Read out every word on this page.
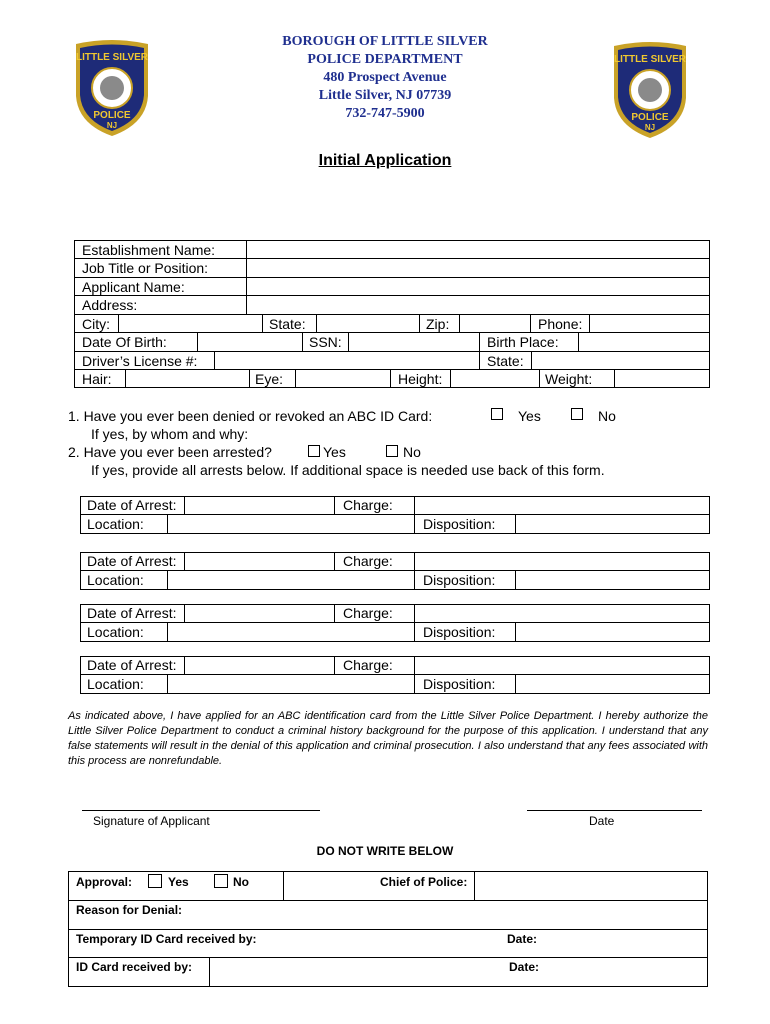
BOROUGH OF LITTLE SILVER
POLICE DEPARTMENT
480 Prospect Avenue
Little Silver, NJ 07739
732-747-5900
LITTLE SILVER
POLICE
NJ
LITTLE SILVER
POLICE
NJ
Initial Application
Establishment Name:
Job Title or Position:
Applicant Name:
Address:
City:	State:	Zip:	Phone:
Date Of Birth:	SSN:	Birth Place:
Driver’s License #:	State:
Hair:	Eye:	Height:	Weight:
1. Have you ever been denied or revoked an ABC ID Card:	Yes	No
If yes, by whom and why:
2. Have you ever been arrested?	Yes	No
If yes, provide all arrests below. If additional space is needed use back of this form.
Date of Arrest:	Charge:
Location:	Disposition:
Date of Arrest:	Charge:
Location:	Disposition:
Date of Arrest:	Charge:
Location:	Disposition:
Date of Arrest:	Charge:
Location:	Disposition:
As indicated above, I have applied for an ABC identification card from the Little Silver Police Department. I hereby authorize the Little Silver Police Department to conduct a criminal history background for the purpose of this application. I understand that any false statements will result in the denial of this application and criminal prosecution. I also understand that any fees associated with this process are nonrefundable.
Signature of Applicant	Date
DO NOT WRITE BELOW
Approval:	Yes	No	Chief of Police:
Reason for Denial:
Temporary ID Card received by:	Date:
ID Card received by:	Date:
